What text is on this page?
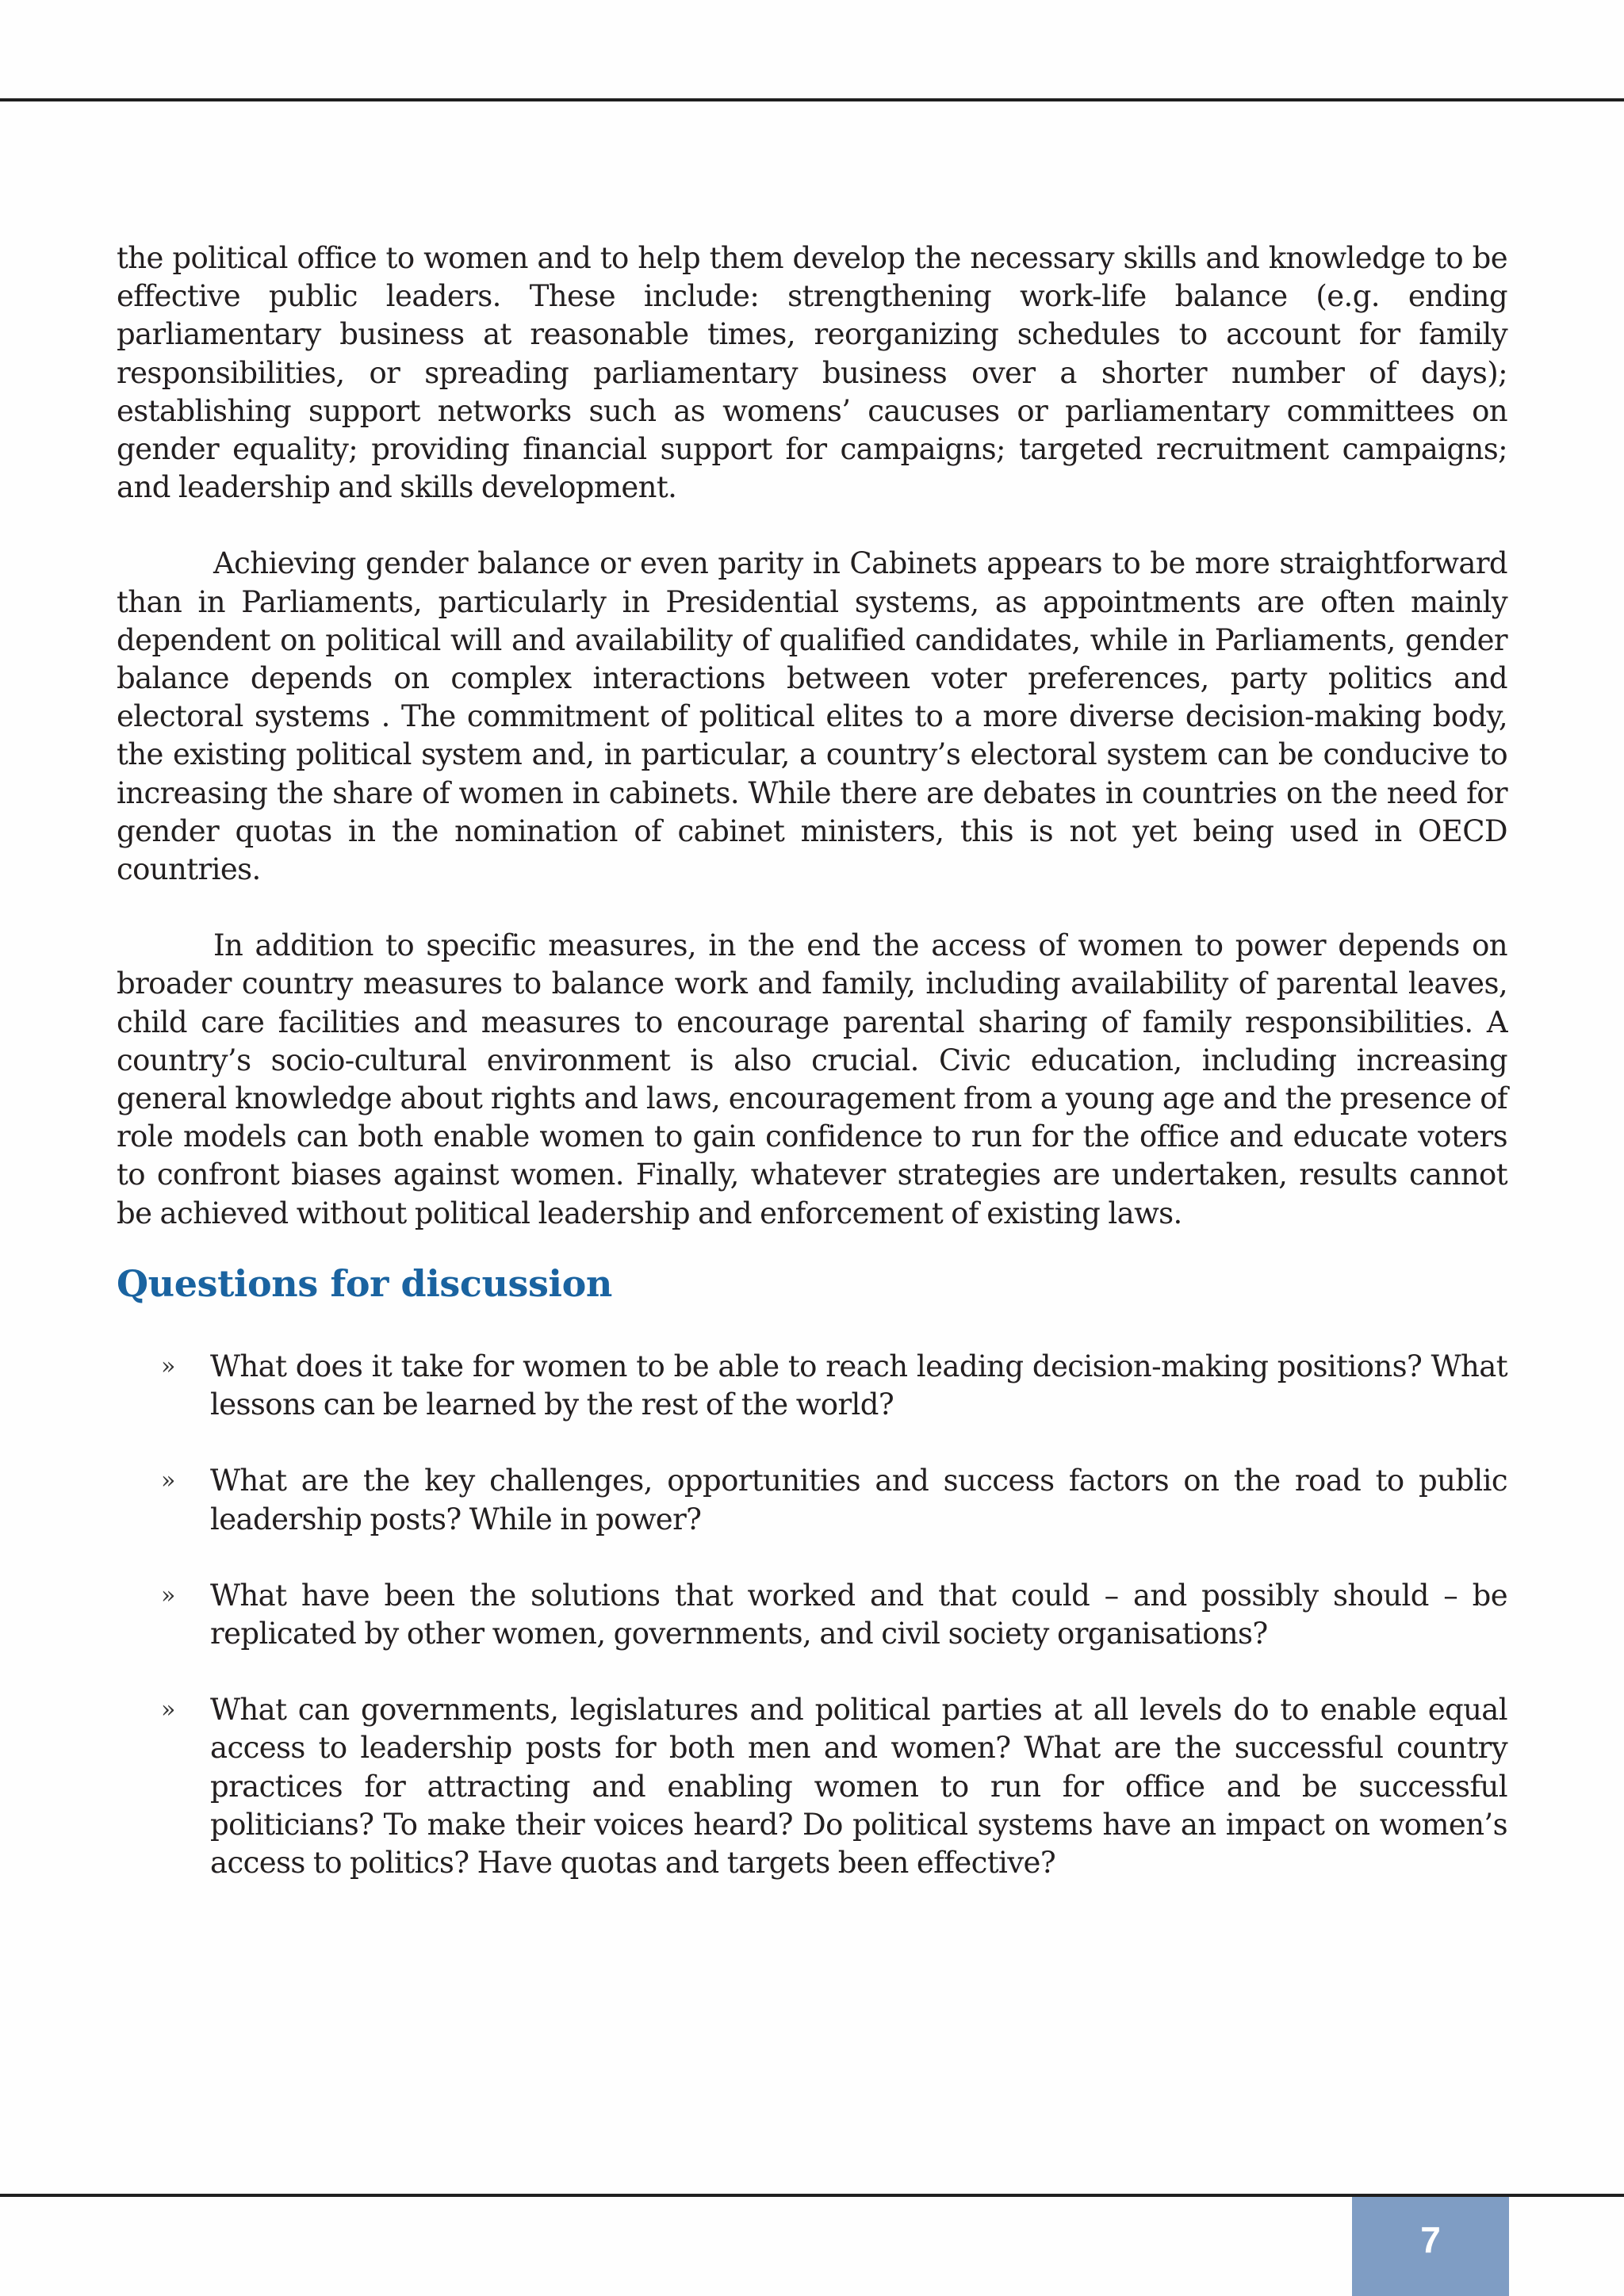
the political office to women and to help them develop the necessary skills and knowledge to be effective public leaders. These include: strengthening work-life balance (e.g. ending parliamentary business at reasonable times, reorganizing schedules to account for family responsibilities, or spreading parliamentary business over a shorter number of days); establishing support networks such as womens’ caucuses or parliamentary committees on gender equality; providing financial support for campaigns; targeted recruitment campaigns; and leadership and skills development.

Achieving gender balance or even parity in Cabinets appears to be more straightforward than in Parliaments, particularly in Presidential systems, as appointments are often mainly dependent on political will and availability of qualified candidates, while in Parliaments, gender balance depends on complex interactions between voter preferences, party politics and electoral systems . The commitment of political elites to a more diverse decision-making body, the existing political system and, in particular, a country’s electoral system can be conducive to increasing the share of women in cabinets. While there are debates in countries on the need for gender quotas in the nomination of cabinet ministers, this is not yet being used in OECD countries.

In addition to specific measures, in the end the access of women to power depends on broader country measures to balance work and family, including availability of parental leaves, child care facilities and measures to encourage parental sharing of family responsibilities. A country’s socio-cultural environment is also crucial. Civic education, including increasing general knowledge about rights and laws, encouragement from a young age and the presence of role models can both enable women to gain confidence to run for the office and educate voters to confront biases against women. Finally, whatever strategies are undertaken, results cannot be achieved without political leadership and enforcement of existing laws.

Questions for discussion
» What does it take for women to be able to reach leading decision-making positions? What lessons can be learned by the rest of the world?
» What are the key challenges, opportunities and success factors on the road to public leadership posts? While in power?
» What have been the solutions that worked and that could – and possibly should – be replicated by other women, governments, and civil society organisations?
» What can governments, legislatures and political parties at all levels do to enable equal access to leadership posts for both men and women? What are the successful country practices for attracting and enabling women to run for office and be successful politicians? To make their voices heard? Do political systems have an impact on women’s access to politics? Have quotas and targets been effective?
7
